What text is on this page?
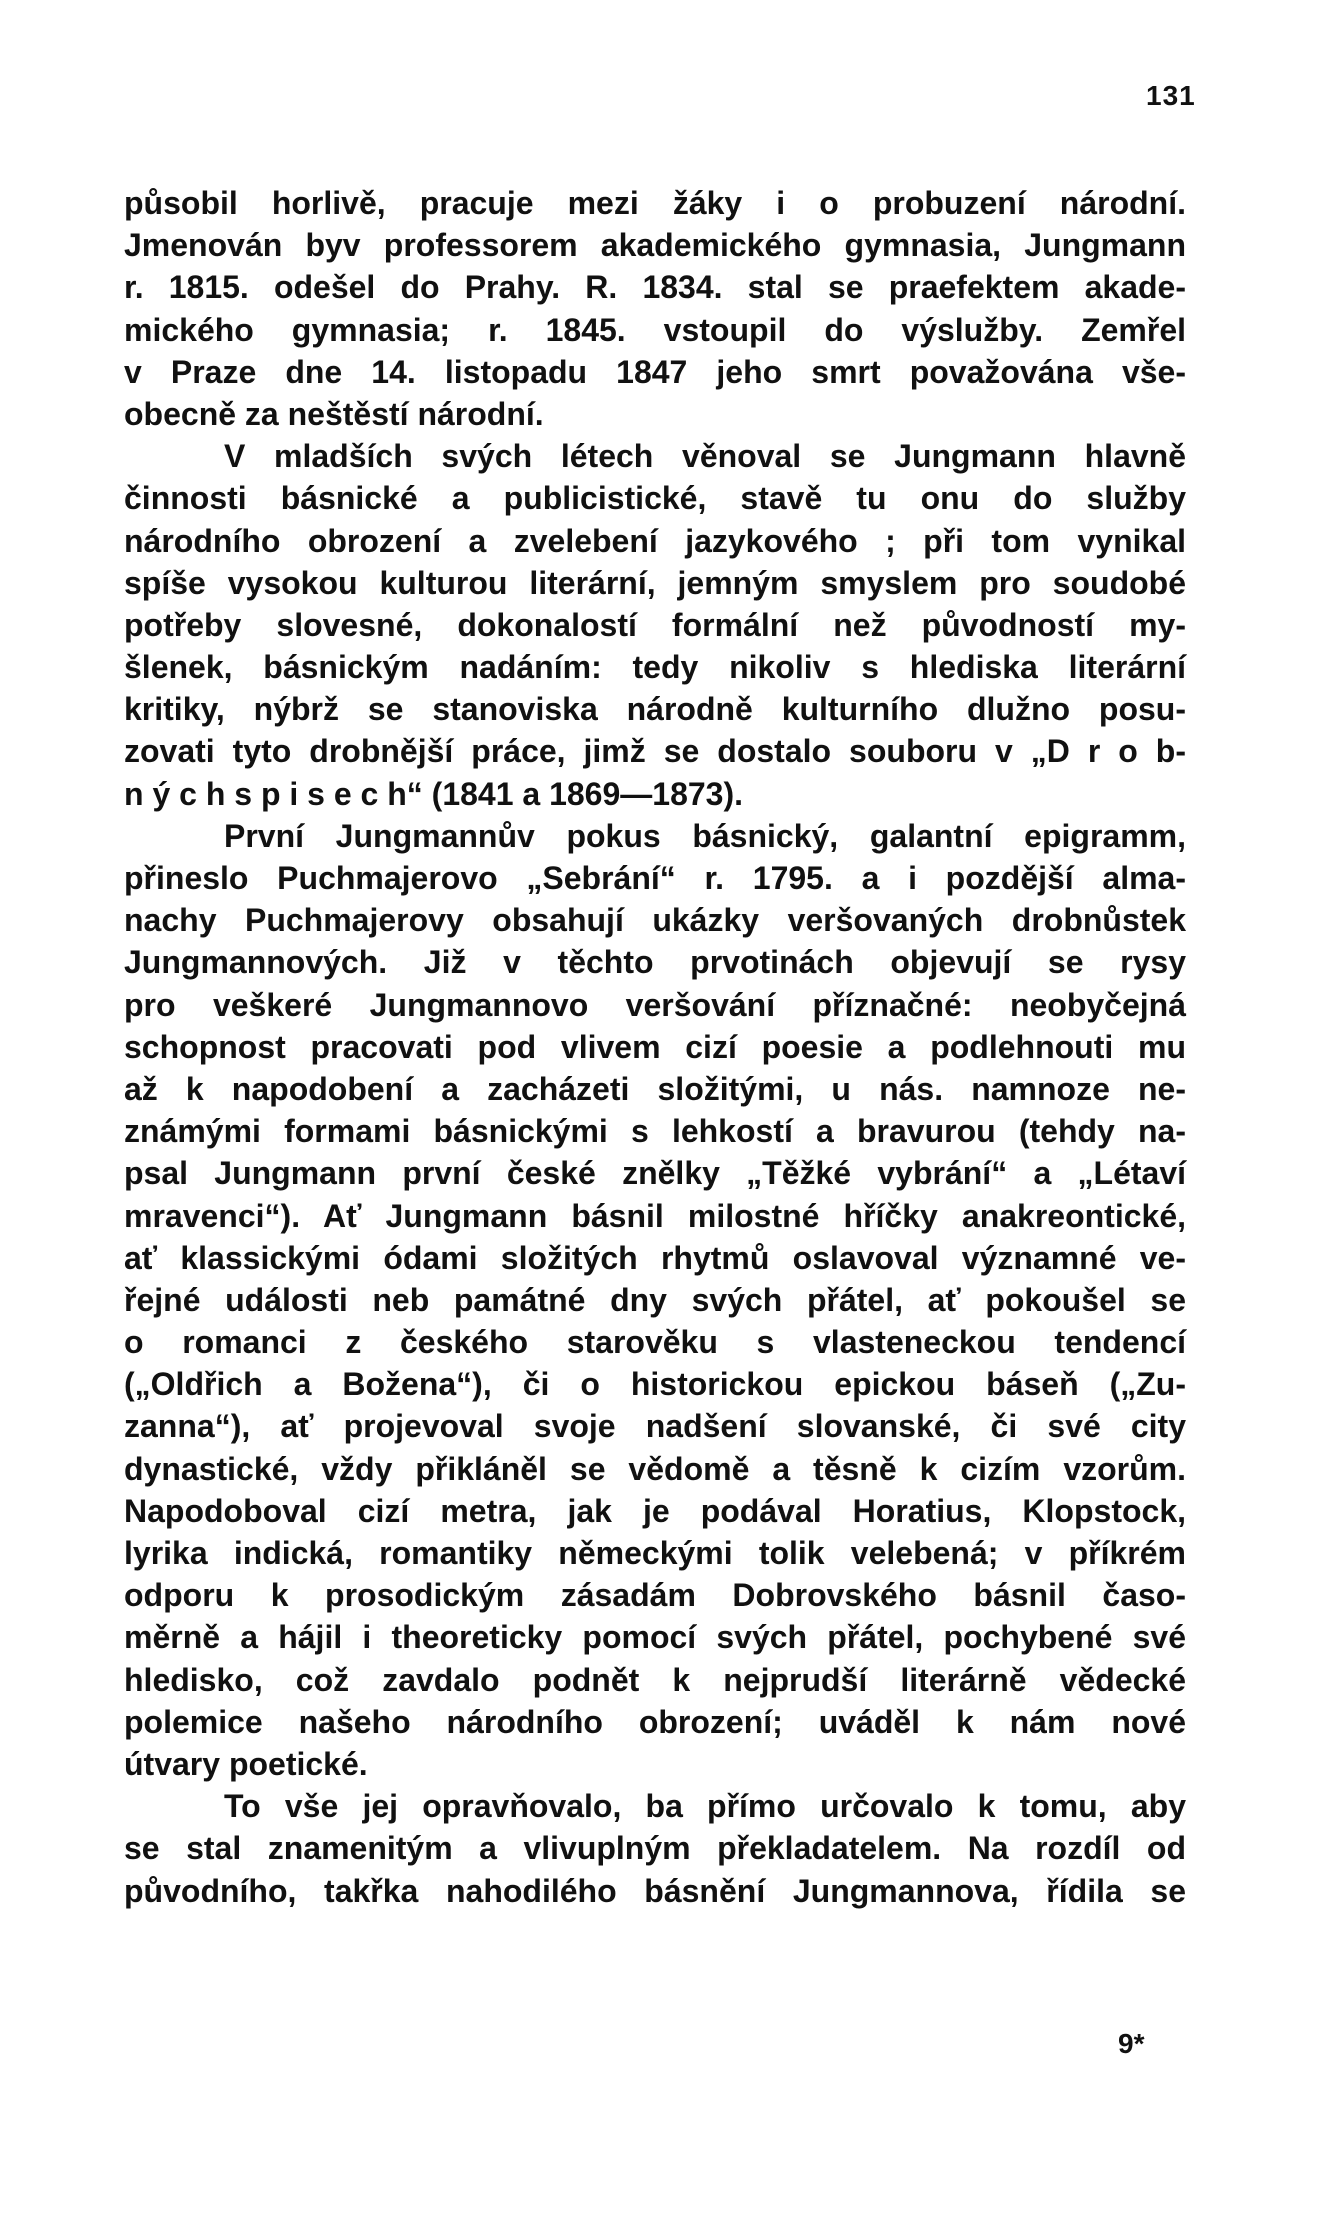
131
působil horlivě, pracuje mezi žáky i o probuzení národní.
Jmenován byv professorem akademického gymnasia, Jungmann
r. 1815. odešel do Prahy. R. 1834. stal se praefektem akade-
mického gymnasia; r. 1845. vstoupil do výslužby. Zemřel
v Praze dne 14. listopadu 1847 jeho smrt považována vše-
obecně za neštěstí národní.
V mladších svých létech věnoval se Jungmann hlavně
činnosti básnické a publicistické, stavě tu onu do služby
národního obrození a zvelebení jazykového ; při tom vynikal
spíše vysokou kulturou literární, jemným smyslem pro soudobé
potřeby slovesné, dokonalostí formální než původností my-
šlenek, básnickým nadáním: tedy nikoliv s hlediska literární
kritiky, nýbrž se stanoviska národně kulturního dlužno posu-
zovati tyto drobnější práce, jimž se dostalo souboru v „D r o b-
n ý c h s p i s e c h“ (1841 a 1869—1873).
První Jungmannův pokus básnický, galantní epigramm,
přineslo Puchmajerovo „Sebrání“ r. 1795. a i pozdější alma-
nachy Puchmajerovy obsahují ukázky veršovaných drobnůstek
Jungmannových. Již v těchto prvotinách objevují se rysy
pro veškeré Jungmannovo veršování příznačné: neobyčejná
schopnost pracovati pod vlivem cizí poesie a podlehnouti mu
až k napodobení a zacházeti složitými, u nás. namnoze ne-
známými formami básnickými s lehkostí a bravurou (tehdy na-
psal Jungmann první české znělky „Těžké vybrání“ a „Létaví
mravenci“). Ať Jungmann básnil milostné hříčky anakreontické,
ať klassickými ódami složitých rhytmů oslavoval významné ve-
řejné události neb památné dny svých přátel, ať pokoušel se
o romanci z českého starověku s vlasteneckou tendencí
(„Oldřich a Božena“), či o historickou epickou báseň („Zu-
zanna“), ať projevoval svoje nadšení slovanské, či své city
dynastické, vždy přikláněl se vědomě a těsně k cizím vzorům.
Napodoboval cizí metra, jak je podával Horatius, Klopstock,
lyrika indická, romantiky německými tolik velebená; v příkrém
odporu k prosodickým zásadám Dobrovského básnil časo-
měrně a hájil i theoreticky pomocí svých přátel, pochybené své
hledisko, což zavdalo podnět k nejprudší literárně vědecké
polemice našeho národního obrození; uváděl k nám nové
útvary poetické.
To vše jej opravňovalo, ba přímo určovalo k tomu, aby
se stal znamenitým a vlivuplným překladatelem. Na rozdíl od
původního, takřka nahodilého básnění Jungmannova, řídila se
9*
